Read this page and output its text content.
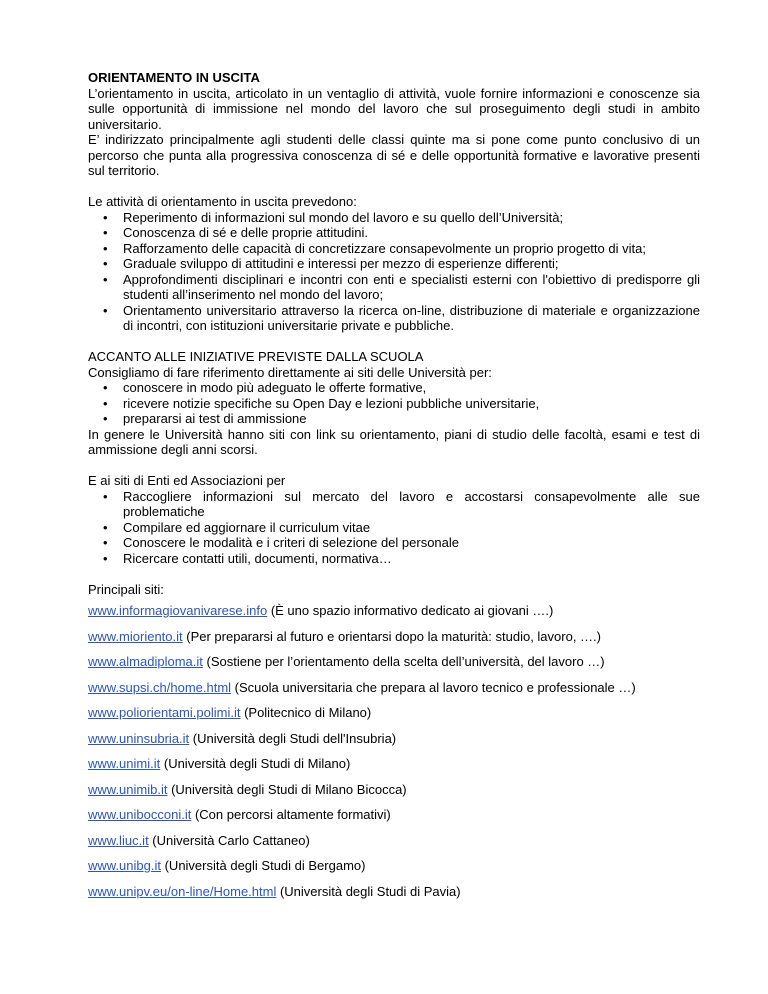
ORIENTAMENTO IN USCITA

L’orientamento in uscita, articolato in un ventaglio di attività, vuole fornire informazioni e conoscenze sia sulle opportunità di immissione nel mondo del lavoro che sul proseguimento degli studi in ambito universitario.

E’ indirizzato principalmente agli studenti delle classi quinte ma si pone come punto conclusivo di un percorso che punta alla progressiva conoscenza di sé e delle opportunità formative e lavorative presenti sul territorio.

Le attività di orientamento in uscita prevedono:

• Reperimento di informazioni sul mondo del lavoro e su quello dell’Università;
• Conoscenza di sé e delle proprie attitudini.
• Rafforzamento delle capacità di concretizzare consapevolmente un proprio progetto di vita;
• Graduale sviluppo di attitudini e interessi per mezzo di esperienze differenti;
• Approfondimenti disciplinari e incontri con enti e specialisti esterni con l'obiettivo di predisporre gli studenti all’inserimento nel mondo del lavoro;
• Orientamento universitario attraverso la ricerca on-line, distribuzione di materiale e organizzazione di incontri, con istituzioni universitarie private e pubbliche.

ACCANTO ALLE INIZIATIVE PREVISTE DALLA SCUOLA

Consigliamo di fare riferimento direttamente ai siti delle Università per:

• conoscere in modo più adeguato le offerte formative,
• ricevere notizie specifiche su Open Day e lezioni pubbliche universitarie,
• prepararsi ai test di ammissione

In genere le Università hanno siti con link su orientamento, piani di studio delle facoltà, esami e test di ammissione degli anni scorsi.

E ai siti di Enti ed Associazioni per

• Raccogliere informazioni sul mercato del lavoro e accostarsi consapevolmente alle sue problematiche
• Compilare ed aggiornare il curriculum vitae
• Conoscere le modalità e i criteri di selezione del personale
• Ricercare contatti utili, documenti, normativa…

Principali siti:

www.informagiovanivarese.info (È uno spazio informativo dedicato ai giovani ….)

www.mioriento.it (Per prepararsi al futuro e orientarsi dopo la maturità: studio, lavoro, ….)

www.almadiploma.it (Sostiene per l’orientamento della scelta dell’università, del lavoro …)

www.supsi.ch/home.html (Scuola universitaria che prepara al lavoro tecnico e professionale …)

www.poliorientami.polimi.it (Politecnico di Milano)

www.uninsubria.it (Università degli Studi dell'Insubria)

www.unimi.it (Università degli Studi di Milano)

www.unimib.it (Università degli Studi di Milano Bicocca)

www.unibocconi.it (Con percorsi altamente formativi)

www.liuc.it (Università Carlo Cattaneo)

www.unibg.it (Università degli Studi di Bergamo)

www.unipv.eu/on-line/Home.html (Università degli Studi di Pavia)
